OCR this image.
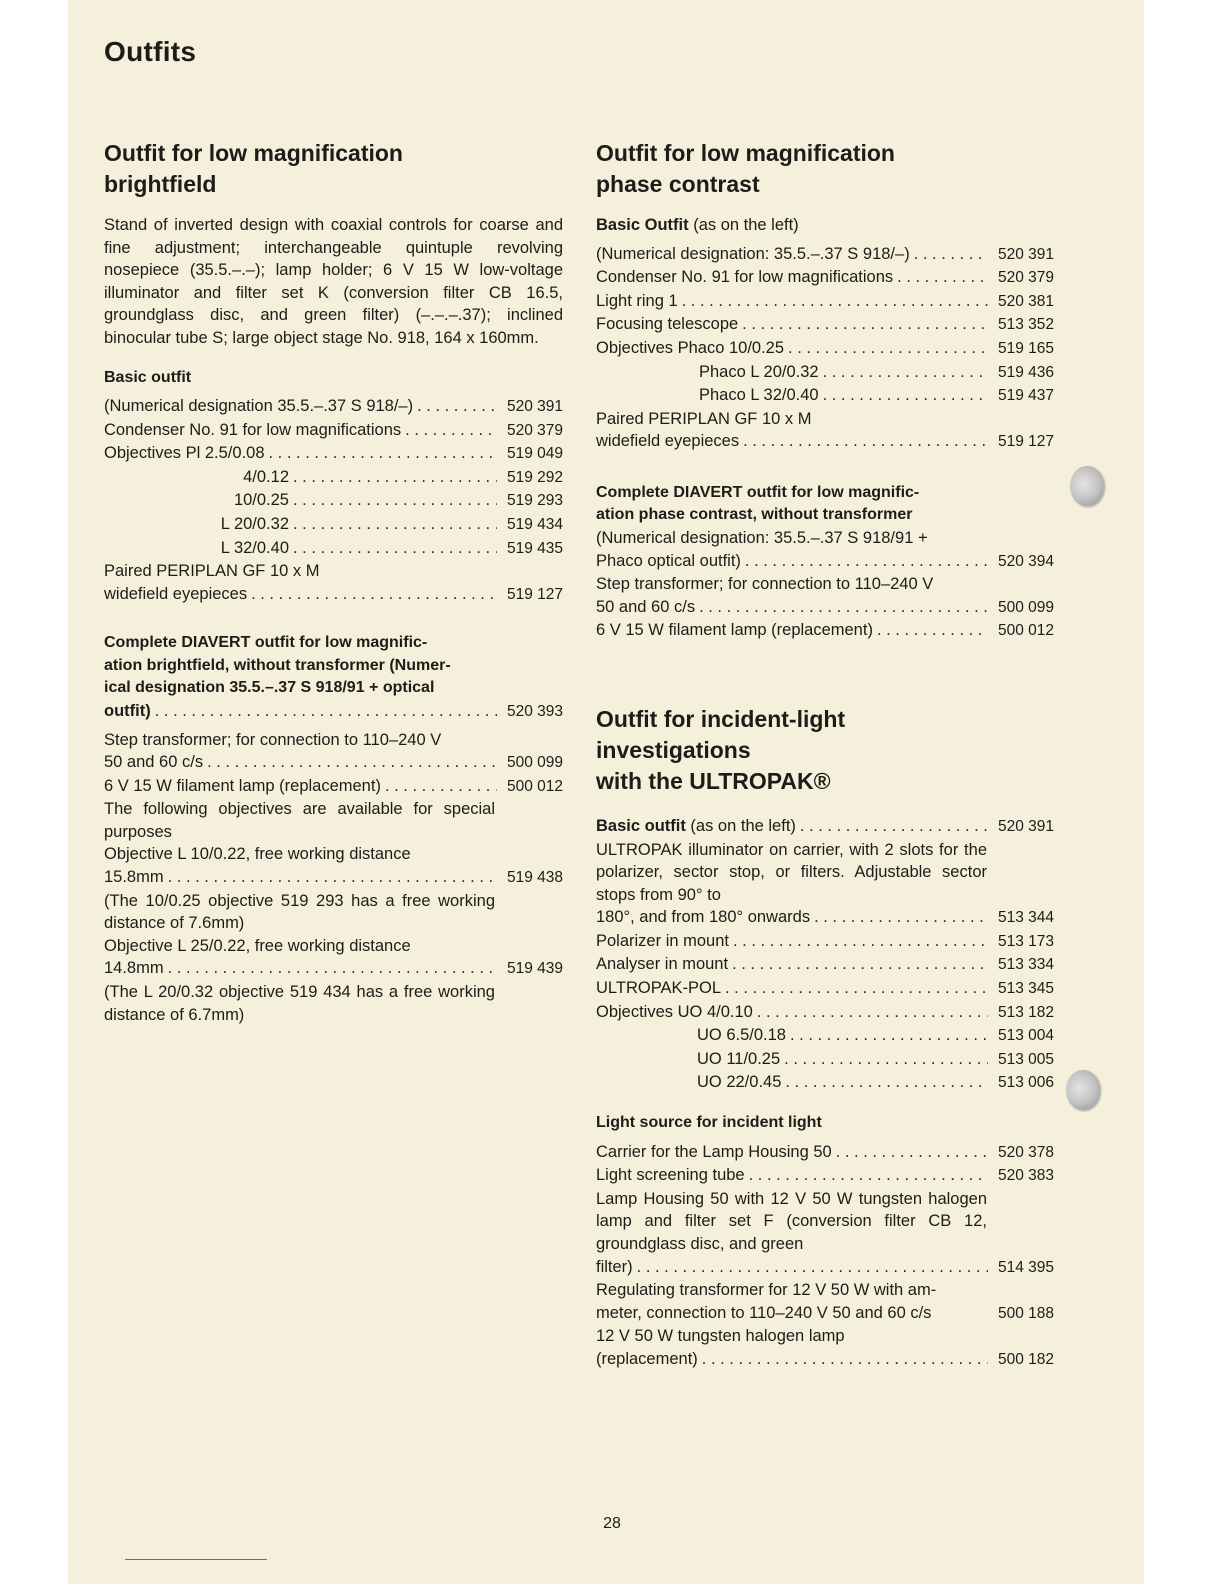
Outfits
Outfit for low magnification
brightfield

Stand of inverted design with coaxial controls for coarse and fine adjustment; interchangeable quintuple revolving nosepiece (35.5.–.–); lamp holder; 6 V 15 W low-voltage illuminator and filter set K (conversion filter CB 16.5, groundglass disc, and green filter) (–.–.–.37); inclined binocular tube S; large object stage No. 918, 164 x 160mm.

Basic outfit

(Numerical designation 35.5.–.37 S 918/–) . . .	520 391
Condenser No. 91 for low magnifications . . .	520 379
Objectives Pl 2.5/0.08 . . .	519 049
4/0.12 . . .	519 292
10/0.25 . . .	519 293
L 20/0.32 . . .	519 434
L 32/0.40 . . .	519 435
Paired PERIPLAN GF 10 x M
widefield eyepieces . . .	519 127

Complete DIAVERT outfit for low magnific-

ation brightfield, without transformer (Numer-

ical designation 35.5.–.37 S 918/91 + optical

outfit) . . .	520 393
Step transformer; for connection to 110–240 V
50 and 60 c/s . . .	500 099
6 V 15 W filament lamp (replacement) . . .	500 012

The following objectives are available for special purposes

Objective L 10/0.22, free working distance
15.8mm . . .	519 438

(The 10/0.25 objective 519 293 has a free working distance of 7.6mm)

Objective L 25/0.22, free working distance
14.8mm . . .	519 439

(The L 20/0.32 objective 519 434 has a free working distance of 6.7mm)

Outfit for low magnification
phase contrast

Basic Outfit (as on the left)

(Numerical designation: 35.5.–.37 S 918/–) . . .	520 391
Condenser No. 91 for low magnifications . . .	520 379
Light ring 1 . . .	520 381
Focusing telescope . . .	513 352
Objectives Phaco 10/0.25 . . .	519 165
Phaco L 20/0.32 . . .	519 436
Phaco L 32/0.40 . . .	519 437
Paired PERIPLAN GF 10 x M
widefield eyepieces . . .	519 127

Complete DIAVERT outfit for low magnific-

ation phase contrast, without transformer

(Numerical designation: 35.5.–.37 S 918/91 +
Phaco optical outfit) . . .	520 394
Step transformer; for connection to 110–240 V
50 and 60 c/s . . .	500 099
6 V 15 W filament lamp (replacement) . . .	500 012
Outfit for incident-light
investigations
with the ULTROPAK®
Basic outfit (as on the left) . . .	520 391

ULTROPAK illuminator on carrier, with 2 slots for the polarizer, sector stop, or filters. Adjustable sector stops from 90° to

180°, and from 180° onwards . . .	513 344
Polarizer in mount . . .	513 173
Analyser in mount . . .	513 334
ULTROPAK-POL . . .	513 345
Objectives UO 4/0.10 . . .	513 182
UO 6.5/0.18 . . .	513 004
UO 11/0.25 . . .	513 005
UO 22/0.45 . . .	513 006

Light source for incident light

Carrier for the Lamp Housing 50 . . .	520 378
Light screening tube . . .	520 383

Lamp Housing 50 with 12 V 50 W tungsten halogen lamp and filter set F (conversion filter CB 12, groundglass disc, and green

filter) . . .	514 395
Regulating transformer for 12 V 50 W with am-
meter, connection to 110–240 V 50 and 60 c/s	500 188
12 V 50 W tungsten halogen lamp
(replacement) . . .	500 182
28
